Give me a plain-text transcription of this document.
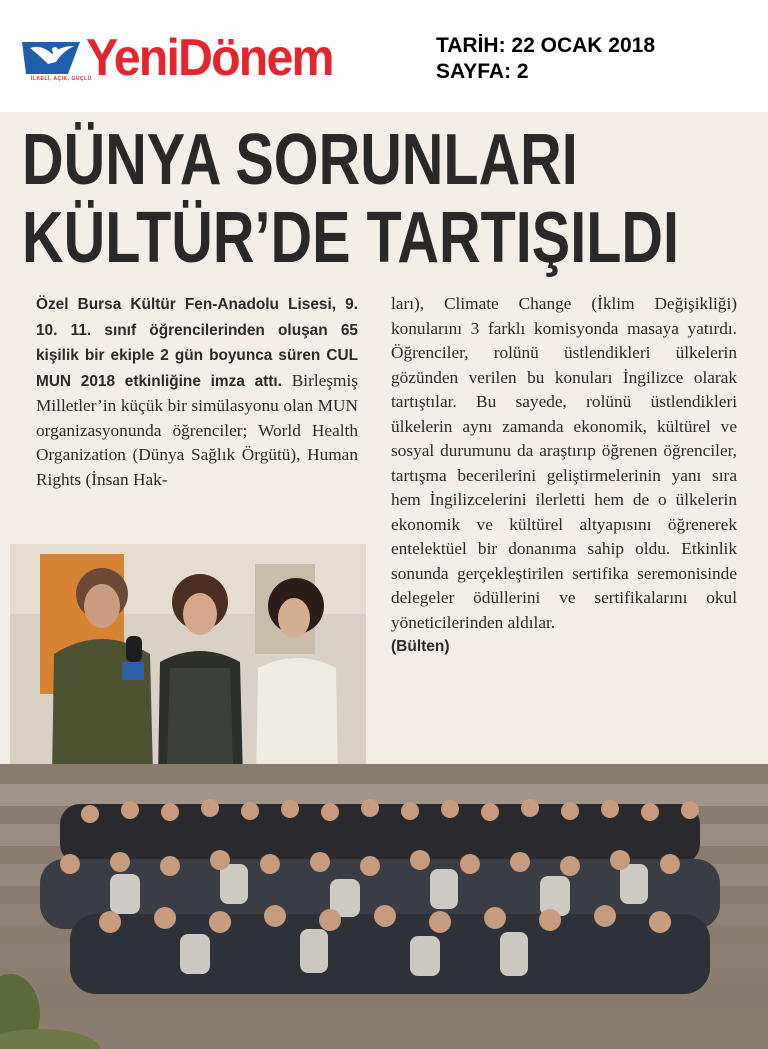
YeniDönem
İLKELİ, AÇIK, GÜÇLÜ
TARİH: 22 OCAK 2018
SAYFA: 2
DÜNYA SORUNLARI
KÜLTÜR’DE TARTIŞILDI
Özel Bursa Kültür Fen-Anadolu Lisesi, 9. 10. 11. sınıf öğrencilerinden oluşan 65 kişilik bir ekiple 2 gün boyunca süren CUL MUN 2018 etkinliğine imza attı. Birleşmiş Milletler’in küçük bir simülasyonu olan MUN organizasyonunda öğrenciler; World Health Organization (Dünya Sağlık Örgütü), Human Rights (İnsan Hak-
ları), Climate Change (İklim Değişikliği) konularını 3 farklı komisyonda masaya yatırdı. Öğrenciler, rolünü üstlendikleri ülkelerin gözünden verilen bu konuları İngilizce olarak tartıştılar. Bu sayede, rolünü üstlendikleri ülkelerin aynı zamanda ekonomik, kültürel ve sosyal durumunu da araştırıp öğrenen öğrenciler, tartışma becerilerini geliştirmelerinin yanı sıra hem İngilizcelerini ilerletti hem de o ülkelerin ekonomik ve kültürel altyapısını öğrenerek entelektüel bir donanıma sahip oldu. Etkinlik sonunda gerçekleştirilen sertifika seremonisinde delegeler ödüllerini ve sertifikalarını okul yöneticilerinden aldılar.
(Bülten)
